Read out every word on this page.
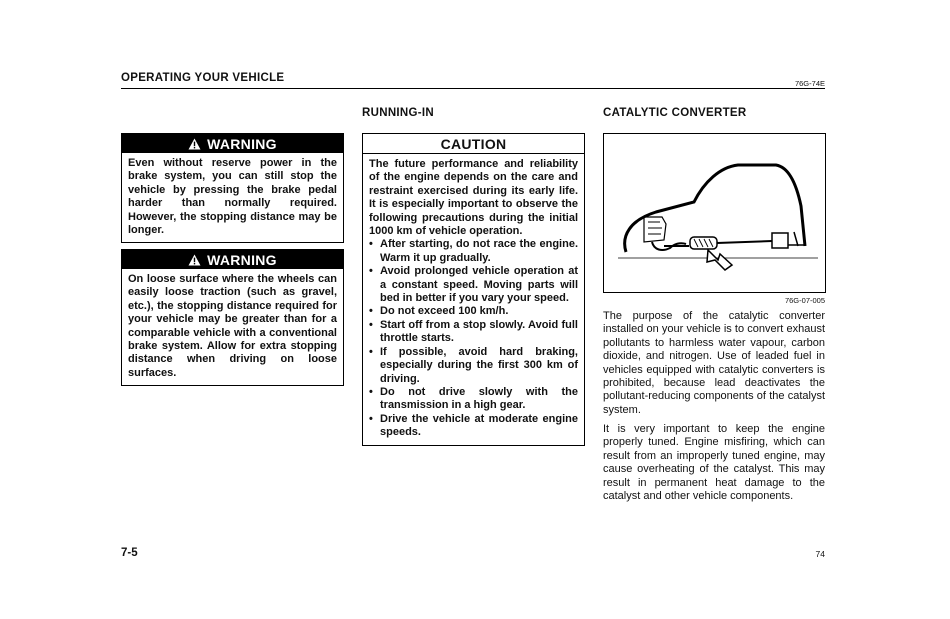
OPERATING YOUR VEHICLE	76G-74E
WARNING
Even without reserve power in the brake system, you can still stop the vehicle by pressing the brake pedal harder than normally required. However, the stopping distance may be longer.
WARNING
On loose surface where the wheels can easily loose traction (such as gravel, etc.), the stopping distance required for your vehicle may be greater than for a comparable vehicle with a conventional brake system. Allow for extra stopping distance when driving on loose surfaces.
RUNNING-IN
CAUTION
The future performance and reliability of the engine depends on the care and restraint exercised during its early life. It is especially important to observe the following precautions during the initial 1000 km of vehicle operation.
• After starting, do not race the engine. Warm it up gradually.
• Avoid prolonged vehicle operation at a constant speed. Moving parts will bed in better if you vary your speed.
• Do not exceed 100 km/h.
• Start off from a stop slowly. Avoid full throttle starts.
• If possible, avoid hard braking, especially during the first 300 km of driving.
• Do not drive slowly with the transmission in a high gear.
• Drive the vehicle at moderate engine speeds.
CATALYTIC CONVERTER
76G-07-005

The purpose of the catalytic converter installed on your vehicle is to convert exhaust pollutants to harmless water vapour, carbon dioxide, and nitrogen. Use of leaded fuel in vehicles equipped with catalytic converters is prohibited, because lead deactivates the pollutant-reducing components of the catalyst system.

It is very important to keep the engine properly tuned. Engine misfiring, which can result from an improperly tuned engine, may cause overheating of the catalyst. This may result in permanent heat damage to the catalyst and other vehicle components.

7-5	74
